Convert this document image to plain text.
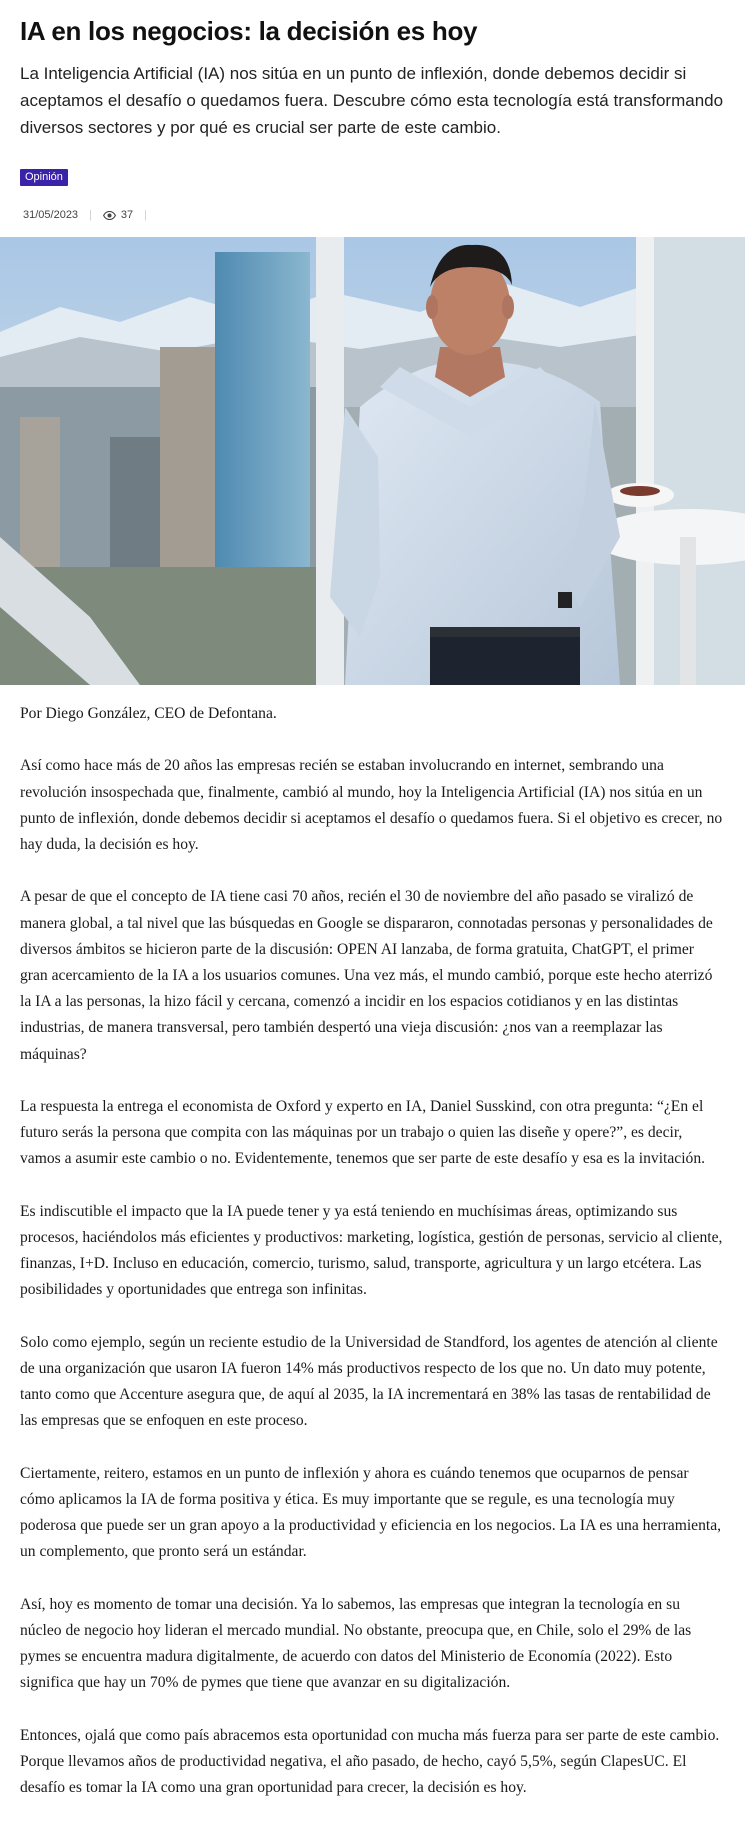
IA en los negocios: la decisión es hoy

La Inteligencia Artificial (IA) nos sitúa en un punto de inflexión, donde debemos decidir si aceptamos el desafío o quedamos fuera. Descubre cómo esta tecnología está transformando diversos sectores y por qué es crucial ser parte de este cambio.

Opinión
31/05/2023 |	37 |

Por Diego González, CEO de Defontana.

Así como hace más de 20 años las empresas recién se estaban involucrando en internet, sembrando una revolución insospechada que, finalmente, cambió al mundo, hoy la Inteligencia Artificial (IA) nos sitúa en un punto de inflexión, donde debemos decidir si aceptamos el desafío o quedamos fuera. Si el objetivo es crecer, no hay duda, la decisión es hoy.

A pesar de que el concepto de IA tiene casi 70 años, recién el 30 de noviembre del año pasado se viralizó de manera global, a tal nivel que las búsquedas en Google se dispararon, connotadas personas y personalidades de diversos ámbitos se hicieron parte de la discusión: OPEN AI lanzaba, de forma gratuita, ChatGPT, el primer gran acercamiento de la IA a los usuarios comunes. Una vez más, el mundo cambió, porque este hecho aterrizó la IA a las personas, la hizo fácil y cercana, comenzó a incidir en los espacios cotidianos y en las distintas industrias, de manera transversal, pero también despertó una vieja discusión: ¿nos van a reemplazar las máquinas?

La respuesta la entrega el economista de Oxford y experto en IA, Daniel Susskind, con otra pregunta: “¿En el futuro serás la persona que compita con las máquinas por un trabajo o quien las diseñe y opere?”, es decir, vamos a asumir este cambio o no. Evidentemente, tenemos que ser parte de este desafío y esa es la invitación.

Es indiscutible el impacto que la IA puede tener y ya está teniendo en muchísimas áreas, optimizando sus procesos, haciéndolos más eficientes y productivos: marketing, logística, gestión de personas, servicio al cliente, finanzas, I+D. Incluso en educación, comercio, turismo, salud, transporte, agricultura y un largo etcétera. Las posibilidades y oportunidades que entrega son infinitas.

Solo como ejemplo, según un reciente estudio de la Universidad de Standford, los agentes de atención al cliente de una organización que usaron IA fueron 14% más productivos respecto de los que no. Un dato muy potente, tanto como que Accenture asegura que, de aquí al 2035, la IA incrementará en 38% las tasas de rentabilidad de las empresas que se enfoquen en este proceso.

Ciertamente, reitero, estamos en un punto de inflexión y ahora es cuándo tenemos que ocuparnos de pensar cómo aplicamos la IA de forma positiva y ética. Es muy importante que se regule, es una tecnología muy poderosa que puede ser un gran apoyo a la productividad y eficiencia en los negocios. La IA es una herramienta, un complemento, que pronto será un estándar.

Así, hoy es momento de tomar una decisión. Ya lo sabemos, las empresas que integran la tecnología en su núcleo de negocio hoy lideran el mercado mundial. No obstante, preocupa que, en Chile, solo el 29% de las pymes se encuentra madura digitalmente, de acuerdo con datos del Ministerio de Economía (2022). Esto significa que hay un 70% de pymes que tiene que avanzar en su digitalización.

Entonces, ojalá que como país abracemos esta oportunidad con mucha más fuerza para ser parte de este cambio. Porque llevamos años de productividad negativa, el año pasado, de hecho, cayó 5,5%, según ClapesUC. El desafío es tomar la IA como una gran oportunidad para crecer, la decisión es hoy.
